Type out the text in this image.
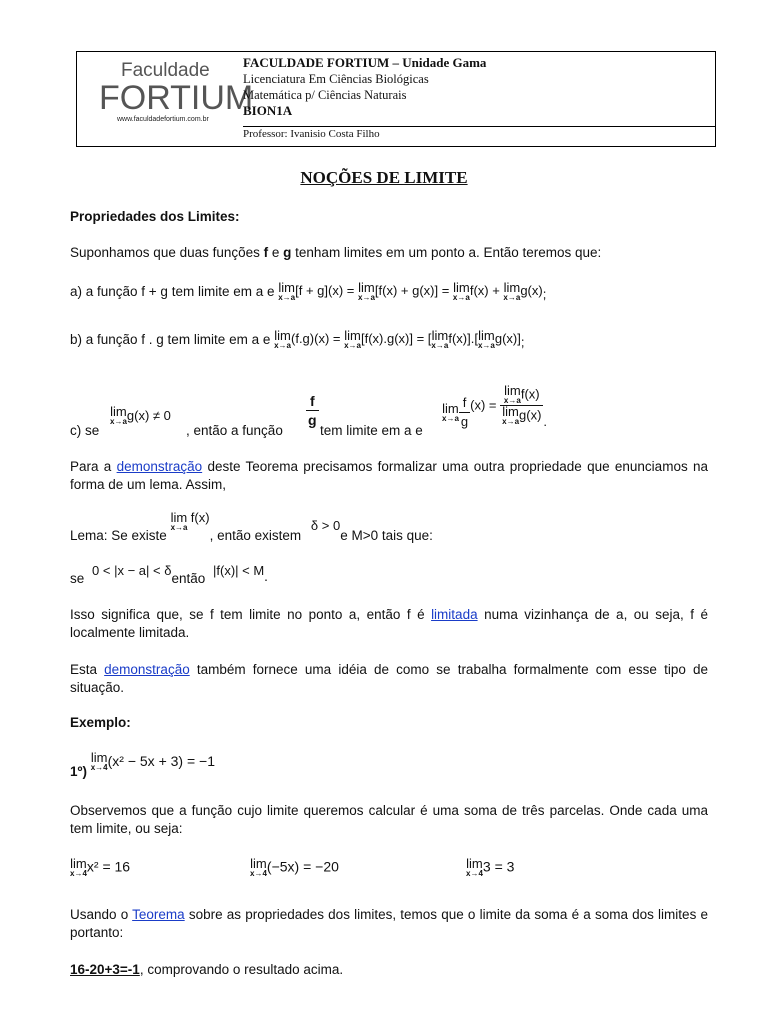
Faculdade
FORTIUM
www.faculdadefortium.com.br
FACULDADE FORTIUM – Unidade Gama
Licenciatura Em Ciências Biológicas
Matemática p/ Ciências Naturais
BION1A
Professor: Ivanisio Costa Filho
NOÇÕES DE LIMITE
Propriedades dos Limites:
Suponhamos que duas funções f e g tenham limites em um ponto a. Então teremos que:
a) a função f + g tem limite em a e lim
x→a [f + g](x) = lim
x→a [f(x) + g(x)] = lim
x→a f(x) + lim
x→a g(x);
b) a função f . g tem limite em a e lim
x→a (f.g)(x) = lim
x→a [f(x).g(x)] = [ lim
x→a f(x)].[ lim
x→a g(x)];
c) se
lim
x→a g(x) ≠ 0
, então a função
$\frac{f}{g}$
tem limite em a e
lim
$x\to a \frac{f}{g} (x) = \lim$
x→a f(x)
lim
x→a g(x) .
Para a demonstração deste Teorema precisamos formalizar uma outra propriedade que enunciamos na forma de um lema. Assim,
Lema: Se existe
lim f(x)
x→a
, então existem δ > 0e M>0 tais que:
se 0 < |x − a| < δentão |f(x)| < M.
Isso significa que, se f tem limite no ponto a, então f é limitada numa vizinhança de a, ou seja, f é localmente limitada.
Esta demonstração também fornece uma idéia de como se trabalha formalmente com esse tipo de situação.
Exemplo:
1º)
lim
x→4 (x² − 5x + 3) = −1
Observemos que a função cujo limite queremos calcular é uma soma de três parcelas. Onde cada uma tem limite, ou seja:
lim
x→4 x² = 16	lim
x→4 (−5x) = −20	lim
x→4 3 = 3
Usando o Teorema sobre as propriedades dos limites, temos que o limite da soma é a soma dos limites e portanto:
16-20+3=-1, comprovando o resultado acima.
